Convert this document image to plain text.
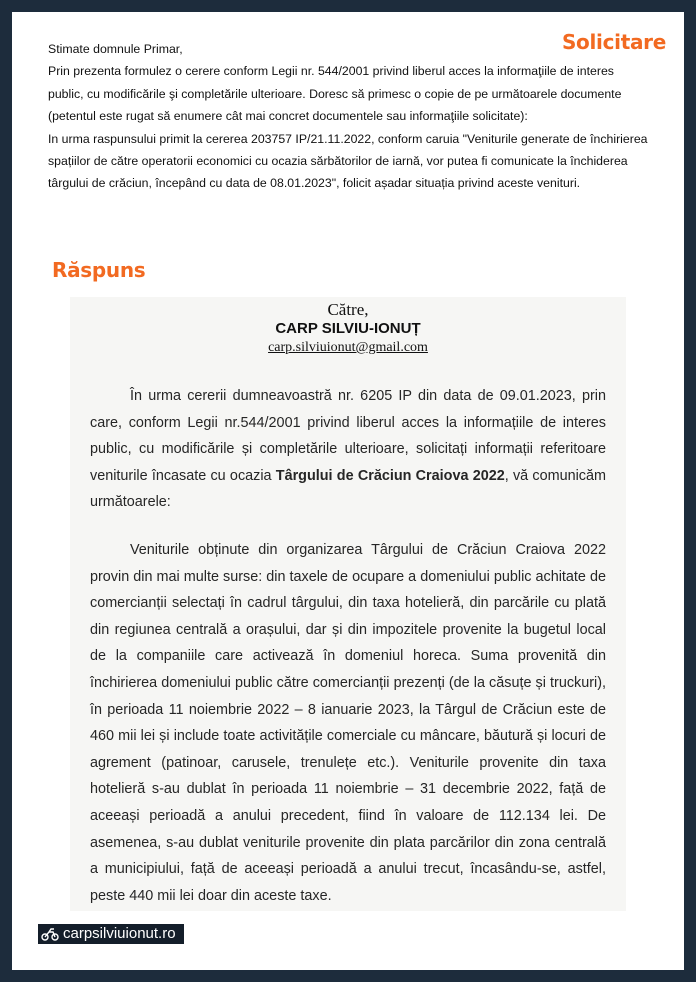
Solicitare

Stimate domnule Primar,

Prin prezenta formulez o cerere conform Legii nr. 544/2001 privind liberul acces la informaţiile de interes public, cu modificările şi completările ulterioare. Doresc să primesc o copie de pe următoarele documente (petentul este rugat să enumere cât mai concret documentele sau informaţiile solicitate):

In urma raspunsului primit la cererea 203757 IP/21.11.2022, conform caruia "Veniturile generate de închirierea spațiilor de către operatorii economici cu ocazia sărbătorilor de iarnă, vor putea fi comunicate la închiderea târgului de crăciun, începând cu data de 08.01.2023", folicit așadar situația privind aceste venituri.

Răspuns
Către,
CARP SILVIU-IONUȚ
carp.silviuionut@gmail.com

În urma cererii dumneavoastră nr. 6205 IP din data de 09.01.2023, prin care, conform Legii nr.544/2001 privind liberul acces la informațiile de interes public, cu modificările și completările ulterioare, solicitați informații referitoare veniturile încasate cu ocazia Târgului de Crăciun Craiova 2022, vă comunicăm următoarele:

Veniturile obținute din organizarea Târgului de Crăciun Craiova 2022 provin din mai multe surse: din taxele de ocupare a domeniului public achitate de comercianții selectați în cadrul târgului, din taxa hotelieră, din parcările cu plată din regiunea centrală a orașului, dar și din impozitele provenite la bugetul local de la companiile care activează în domeniul horeca. Suma provenită din închirierea domeniului public către comercianții prezenți (de la căsuțe și truckuri), în perioada 11 noiembrie 2022 – 8 ianuarie 2023, la Târgul de Crăciun este de 460 mii lei și include toate activitățile comerciale cu mâncare, băutură și locuri de agrement (patinoar, caruselе, trenulețe etc.). Veniturile provenite din taxa hotelieră s-au dublat în perioada 11 noiembrie – 31 decembrie 2022, față de aceeași perioadă a anului precedent, fiind în valoare de 112.134 lei. De asemenea, s-au dublat veniturile provenite din plata parcărilor din zona centrală a municipiului, față de aceeași perioadă a anului trecut, încasându-se, astfel, peste 440 mii lei doar din aceste taxe.

carpsilviuionut.ro
